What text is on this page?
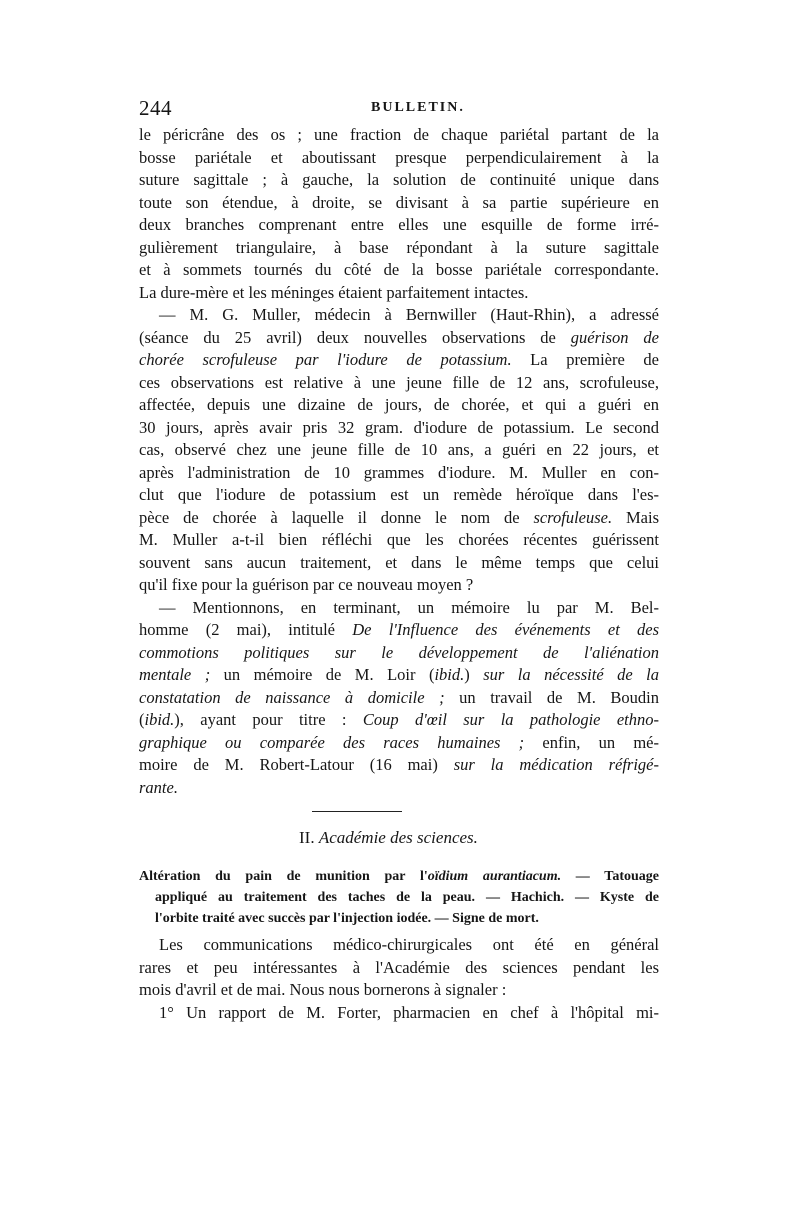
244	BULLETIN.
le péricrâne des os ; une fraction de chaque pariétal partant de la
bosse pariétale et aboutissant presque perpendiculairement à la
suture sagittale ; à gauche, la solution de continuité unique dans
toute son étendue, à droite, se divisant à sa partie supérieure en
deux branches comprenant entre elles une esquille de forme irré-
gulièrement triangulaire, à base répondant à la suture sagittale
et à sommets tournés du côté de la bosse pariétale correspondante.
La dure-mère et les méninges étaient parfaitement intactes.
— M. G. Muller, médecin à Bernwiller (Haut-Rhin), a adressé
(séance du 25 avril) deux nouvelles observations de guérison de
chorée scrofuleuse par l'iodure de potassium. La première de
ces observations est relative à une jeune fille de 12 ans, scrofuleuse,
affectée, depuis une dizaine de jours, de chorée, et qui a guéri en
30 jours, après avair pris 32 gram. d'iodure de potassium. Le second
cas, observé chez une jeune fille de 10 ans, a guéri en 22 jours, et
après l'administration de 10 grammes d'iodure. M. Muller en con-
clut que l'iodure de potassium est un remède héroïque dans l'es-
pèce de chorée à laquelle il donne le nom de scrofuleuse. Mais
M. Muller a-t-il bien réfléchi que les chorées récentes guérissent
souvent sans aucun traitement, et dans le même temps que celui
qu'il fixe pour la guérison par ce nouveau moyen ?
— Mentionnons, en terminant, un mémoire lu par M. Bel-
homme (2 mai), intitulé De l'Influence des événements et des
commotions politiques sur le développement de l'aliénation
mentale ; un mémoire de M. Loir (ibid.) sur la nécessité de la
constatation de naissance à domicile ; un travail de M. Boudin
(ibid.), ayant pour titre : Coup d'œil sur la pathologie ethno-
graphique ou comparée des races humaines ; enfin, un mé-
moire de M. Robert-Latour (16 mai) sur la médication réfrigé-
rante.
II. Académie des sciences.
Altération du pain de munition par l'oïdium aurantiacum. — Tatouage
appliqué au traitement des taches de la peau. — Hachich. — Kyste de
l'orbite traité avec succès par l'injection iodée. — Signe de mort.
Les communications médico-chirurgicales ont été en général
rares et peu intéressantes à l'Académie des sciences pendant les
mois d'avril et de mai. Nous nous bornerons à signaler :
1° Un rapport de M. Forter, pharmacien en chef à l'hôpital mi-
